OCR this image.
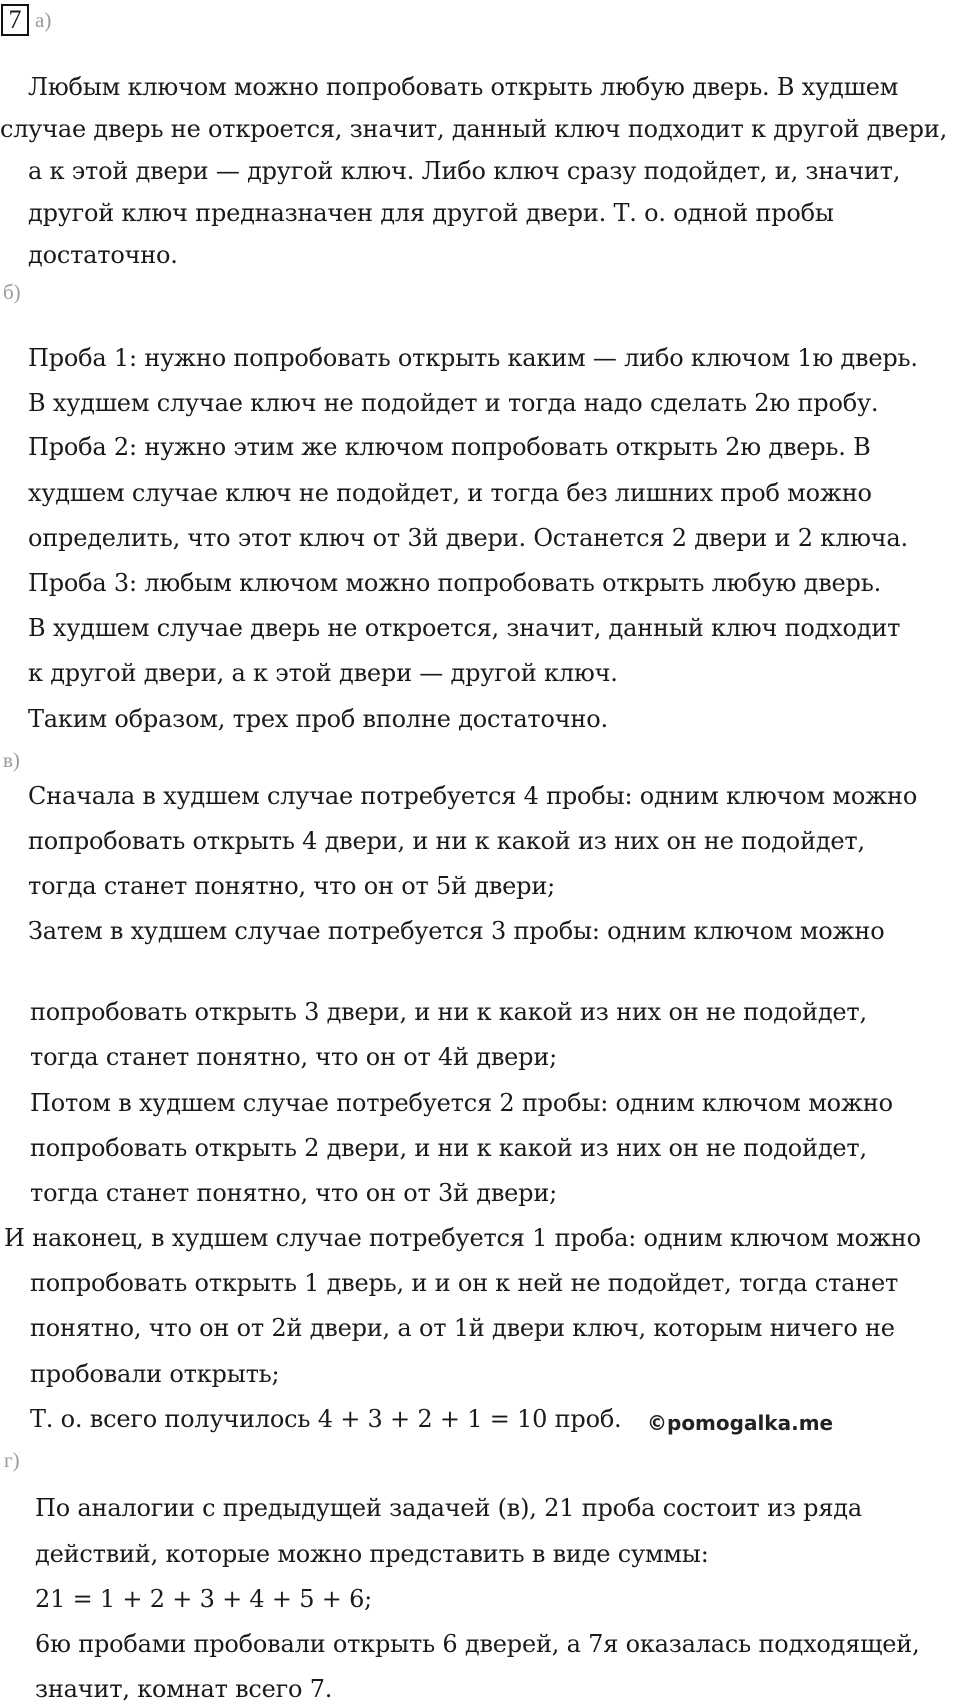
7 а)
Любым ключом можно попробовать открыть любую дверь. В худшем
случае дверь не откроется, значит, данный ключ подходит к другой двери,
а к этой двери — другой ключ. Либо ключ сразу подойдет, и, значит,
другой ключ предназначен для другой двери. Т. о. одной пробы
достаточно.
б)
Проба 1: нужно попробовать открыть каким — либо ключом 1ю дверь.
В худшем случае ключ не подойдет и тогда надо сделать 2ю пробу.
Проба 2: нужно этим же ключом попробовать открыть 2ю дверь. В
худшем случае ключ не подойдет, и тогда без лишних проб можно
определить, что этот ключ от 3й двери. Останется 2 двери и 2 ключа.
Проба 3: любым ключом можно попробовать открыть любую дверь.
В худшем случае дверь не откроется, значит, данный ключ подходит
к другой двери, а к этой двери — другой ключ.
Таким образом, трех проб вполне достаточно.
в)
Сначала в худшем случае потребуется 4 пробы: одним ключом можно
попробовать открыть 4 двери, и ни к какой из них он не подойдет,
тогда станет понятно, что он от 5й двери;
Затем в худшем случае потребуется 3 пробы: одним ключом можно
попробовать открыть 3 двери, и ни к какой из них он не подойдет,
тогда станет понятно, что он от 4й двери;
Потом в худшем случае потребуется 2 пробы: одним ключом можно
попробовать открыть 2 двери, и ни к какой из них он не подойдет,
тогда станет понятно, что он от 3й двери;
И наконец, в худшем случае потребуется 1 проба: одним ключом можно
попробовать открыть 1 дверь, и и он к ней не подойдет, тогда станет
понятно, что он от 2й двери, а от 1й двери ключ, которым ничего не
пробовали открыть;
Т. о. всего получилось 4 + 3 + 2 + 1 = 10 проб. ©pomogalka.me
г)
По аналогии с предыдущей задачей (в), 21 проба состоит из ряда
действий, которые можно представить в виде суммы:
21 = 1 + 2 + 3 + 4 + 5 + 6;
6ю пробами пробовали открыть 6 дверей, а 7я оказалась подходящей,
значит, комнат всего 7.
